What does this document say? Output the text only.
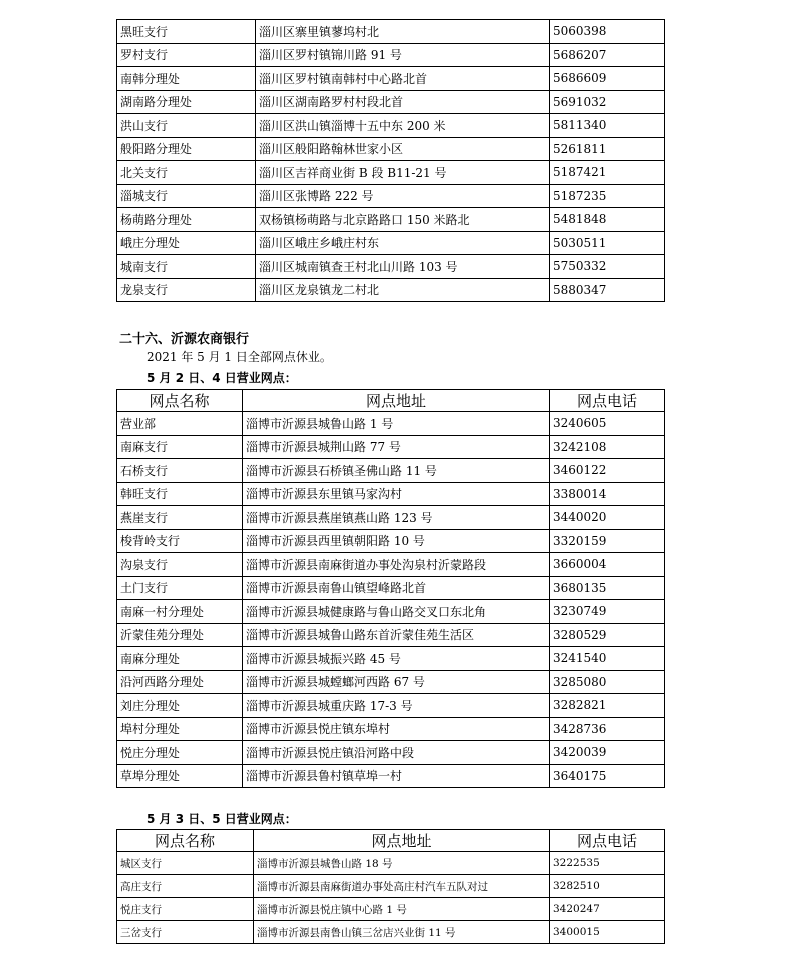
黑旺支行	淄川区寨里镇蓼坞村北	5060398
罗村支行	淄川区罗村镇锦川路 91 号	5686207
南韩分理处	淄川区罗村镇南韩村中心路北首	5686609
湖南路分理处	淄川区湖南路罗村村段北首	5691032
洪山支行	淄川区洪山镇淄博十五中东 200 米	5811340
般阳路分理处	淄川区般阳路翰林世家小区	5261811
北关支行	淄川区吉祥商业街 B 段 B11-21 号	5187421
淄城支行	淄川区张博路 222 号	5187235
杨萌路分理处	双杨镇杨萌路与北京路路口 150 米路北	5481848
峨庄分理处	淄川区峨庄乡峨庄村东	5030511
城南支行	淄川区城南镇查王村北山川路 103 号	5750332
龙泉支行	淄川区龙泉镇龙二村北	5880347

二十六、沂源农商银行

2021 年 5 月 1 日全部网点休业。

5 月 2 日、4 日营业网点：

网点名称	网点地址	网点电话
营业部	淄博市沂源县城鲁山路 1 号	3240605
南麻支行	淄博市沂源县城荆山路 77 号	3242108
石桥支行	淄博市沂源县石桥镇圣佛山路 11 号	3460122
韩旺支行	淄博市沂源县东里镇马家沟村	3380014
燕崖支行	淄博市沂源县燕崖镇燕山路 123 号	3440020
梭背岭支行	淄博市沂源县西里镇朝阳路 10 号	3320159
沟泉支行	淄博市沂源县南麻街道办事处沟泉村沂蒙路段	3660004
土门支行	淄博市沂源县南鲁山镇望峰路北首	3680135
南麻一村分理处	淄博市沂源县城健康路与鲁山路交叉口东北角	3230749
沂蒙佳苑分理处	淄博市沂源县城鲁山路东首沂蒙佳苑生活区	3280529
南麻分理处	淄博市沂源县城振兴路 45 号	3241540
沿河西路分理处	淄博市沂源县城螳螂河西路 67 号	3285080
刘庄分理处	淄博市沂源县城重庆路 17-3 号	3282821
埠村分理处	淄博市沂源县悦庄镇东埠村	3428736
悦庄分理处	淄博市沂源县悦庄镇沿河路中段	3420039
草埠分理处	淄博市沂源县鲁村镇草埠一村	3640175

5 月 3 日、5 日营业网点：

网点名称	网点地址	网点电话
城区支行	淄博市沂源县城鲁山路 18 号	3222535
高庄支行	淄博市沂源县南麻街道办事处高庄村汽车五队对过	3282510
悦庄支行	淄博市沂源县悦庄镇中心路 1 号	3420247
三岔支行	淄博市沂源县南鲁山镇三岔店兴业街 11 号	3400015
